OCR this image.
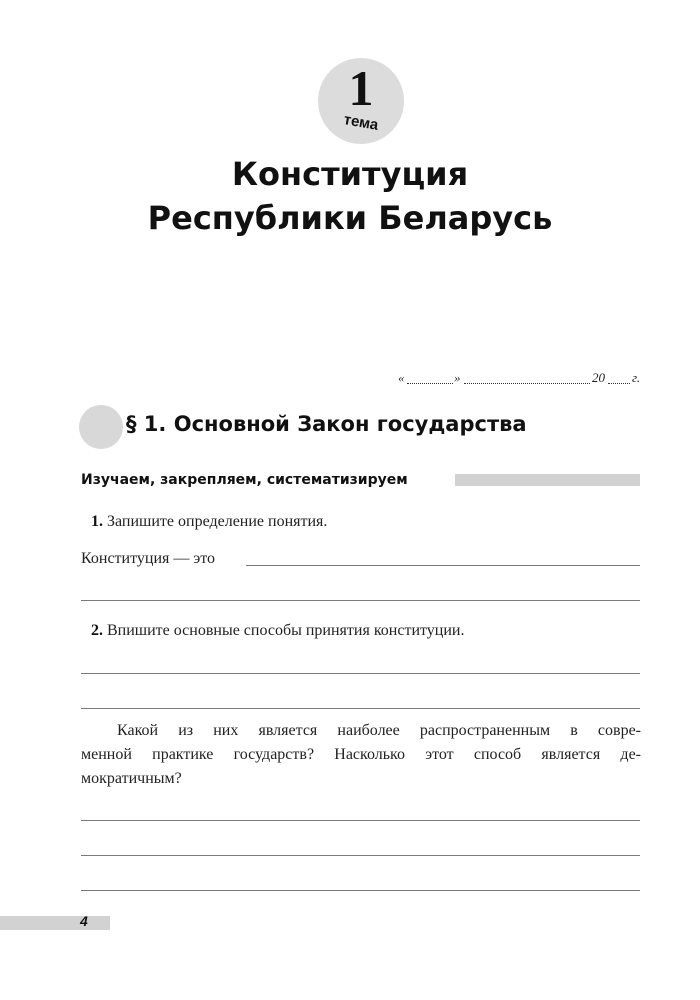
1
тема
Конституция
Республики Беларусь
«	»	20 г.
§ 1. Основной Закон государства
Изучаем, закрепляем, систематизируем
1. Запишите определение понятия.
Конституция — это
2. Впишите основные способы принятия конституции.
Какой из них является наиболее распространенным в совре-
менной практике государств? Насколько этот способ является де-
мократичным?
4
